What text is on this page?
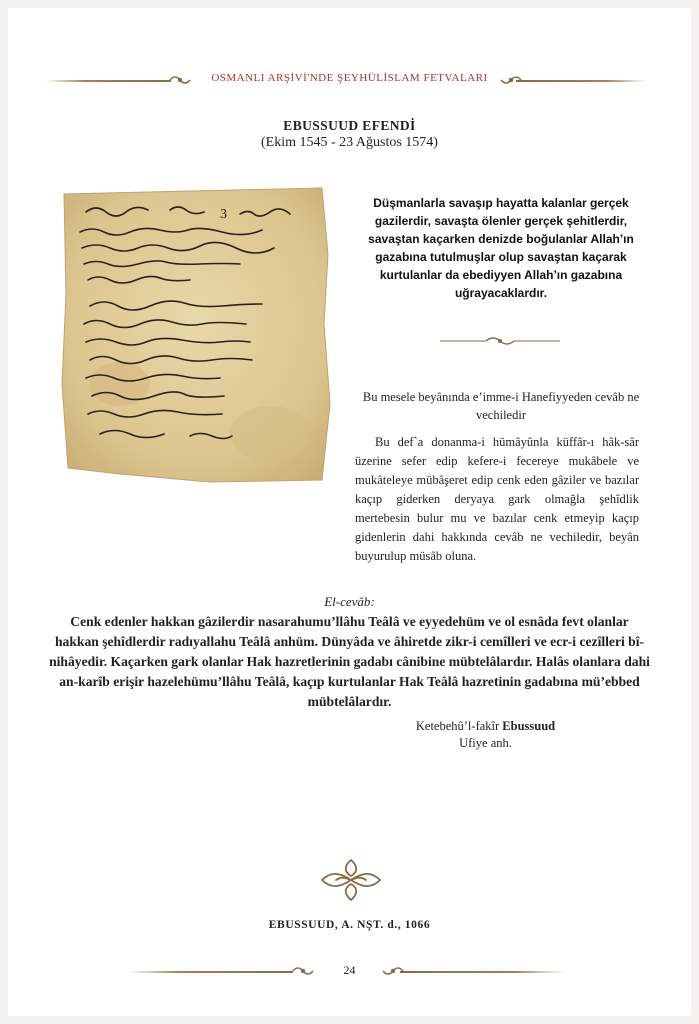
OSMANLI ARŞİVİ'NDE ŞEYHÜLİSLAM FETVALARI
EBUSSUUD EFENDİ
(Ekim 1545 - 23 Ağustos 1574)
3
Düşmanlarla savaşıp hayatta kalanlar gerçek gazilerdir, savaşta ölenler gerçek şehitlerdir, savaştan kaçarken denizde boğulanlar Allah’ın gazabına tutulmuşlar olup savaştan kaçarak kurtulanlar da ebediyyen Allah’ın gazabına uğrayacaklardır.
Bu mesele beyânında e’imme-i Hanefiyyeden cevâb ne vechiledir
Bu def`a donanma-i hümâyûnla küffâr-ı hâk-sâr üzerine sefer edip kefere-i fecereye mukâbele ve mukâteleye mübâşeret edip cenk eden gâziler ve bazılar kaçıp giderken deryaya gark olmağla şehîdlik mertebesin bulur mu ve bazılar cenk etmeyip kaçıp gidenlerin dahi hakkında cevâb ne vechiledir, beyân buyurulup müsâb oluna.
El-cevâb:
Cenk edenler hakkan gâzilerdir nasarahumu’llâhu Teâlâ ve eyyedehüm ve ol esnâda fevt olanlar hakkan şehîdlerdir radıyallahu Teâlâ anhüm. Dünyâda ve âhiretde zikr-i cemîlleri ve ecr-i cezîlleri bî-nihâyedir. Kaçarken gark olanlar Hak hazretlerinin gadabı cânibine mübtelâlardır. Halâs olanlara dahi an-karîb erişir hazelehümu’llâhu Teâlâ, kaçıp kurtulanlar Hak Teâlâ hazretinin gadabına mü’ebbed mübtelâlardır.
Ketebehû’l-fakîr Ebussuud
Ufiye anh.
EBUSSUUD, A. NŞT. d., 1066
24
